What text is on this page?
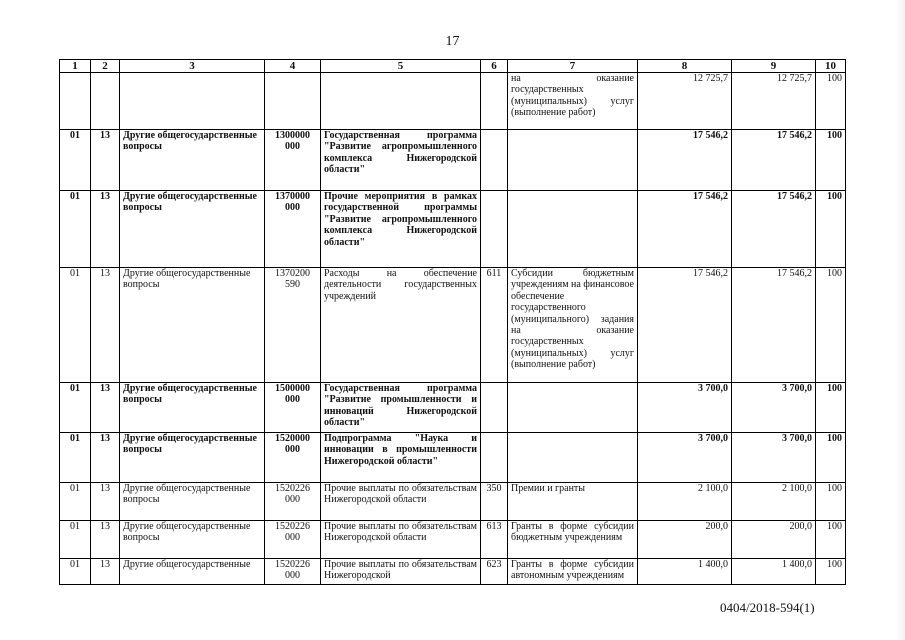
17
1	2	3	4	5	6	7	8	9	10
						на оказание государственных (муниципальных) услуг (выполнение работ)	12 725,7	12 725,7	100
01	13	Другие общегосударственные вопросы	1300000 000	Государственная программа "Развитие агропромышленного комплекса Нижегородской области"			17 546,2	17 546,2	100
01	13	Другие общегосударственные вопросы	1370000 000	Прочие мероприятия в рамках государственной программы "Развитие агропромышленного комплекса Нижегородской области"			17 546,2	17 546,2	100
01	13	Другие общегосударственные вопросы	1370200 590	Расходы на обеспечение деятельности государственных учреждений	611	Субсидии бюджетным учреждениям на финансовое обеспечение государственного (муниципального) задания на оказание государственных (муниципальных) услуг (выполнение работ)	17 546,2	17 546,2	100
01	13	Другие общегосударственные вопросы	1500000 000	Государственная программа "Развитие промышленности и инноваций Нижегородской области"			3 700,0	3 700,0	100
01	13	Другие общегосударственные вопросы	1520000 000	Подпрограмма "Наука и инновации в промышленности Нижегородской области"			3 700,0	3 700,0	100
01	13	Другие общегосударственные вопросы	1520226 000	Прочие выплаты по обязательствам Нижегородской области	350	Премии и гранты	2 100,0	2 100,0	100
01	13	Другие общегосударственные вопросы	1520226 000	Прочие выплаты по обязательствам Нижегородской области	613	Гранты в форме субсидии бюджетным учреждениям	200,0	200,0	100
01	13	Другие общегосударственные	1520226 000	Прочие выплаты по обязательствам Нижегородской	623	Гранты в форме субсидии автономным учреждениям	1 400,0	1 400,0	100
0404/2018-594(1)
